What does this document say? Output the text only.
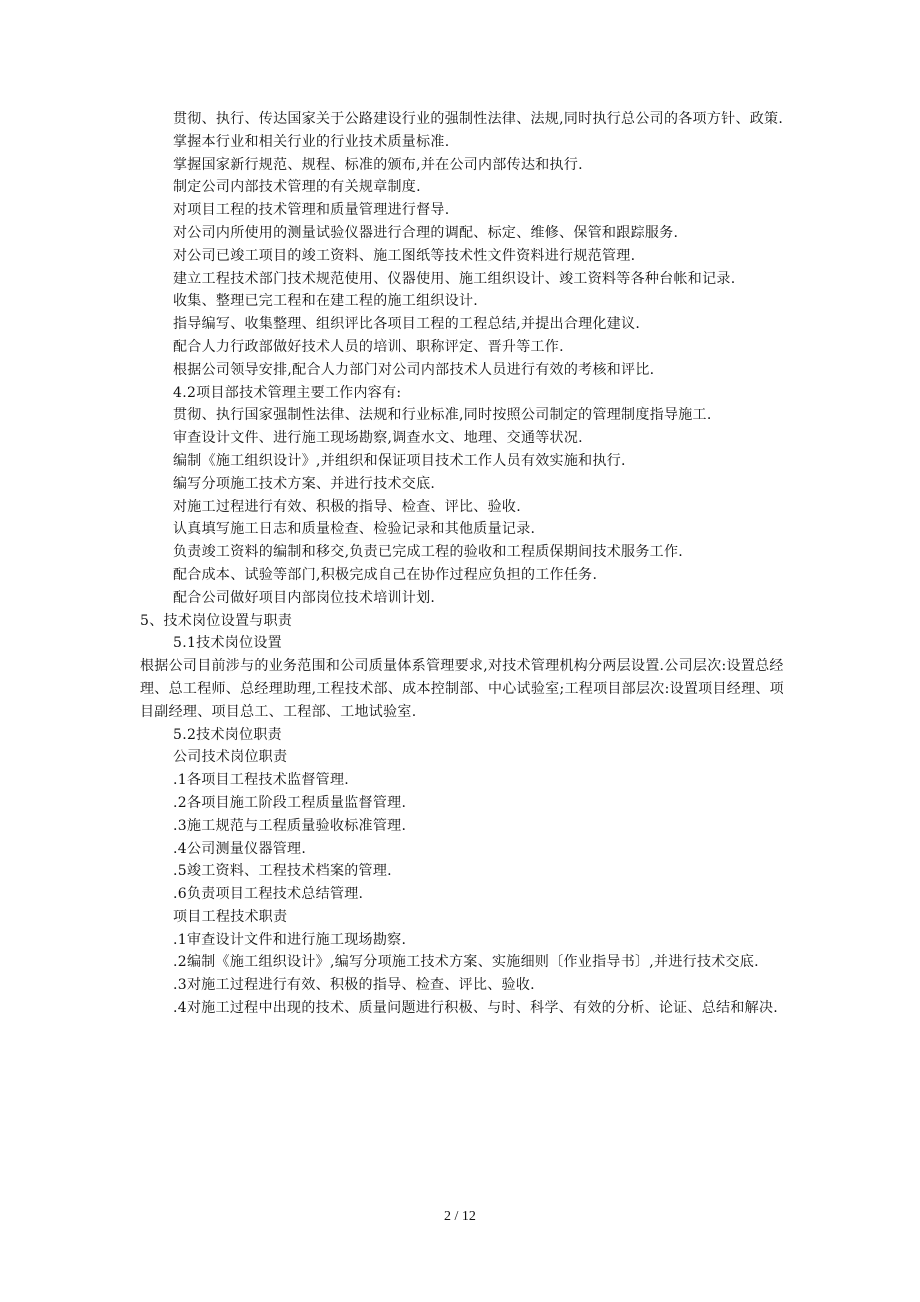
贯彻、执行、传达国家关于公路建设行业的强制性法律、法规,同时执行总公司的各项方针、政策.

掌握本行业和相关行业的行业技术质量标准.

掌握国家新行规范、规程、标准的颁布,并在公司内部传达和执行.

制定公司内部技术管理的有关规章制度.

对项目工程的技术管理和质量管理进行督导.

对公司内所使用的测量试验仪器进行合理的调配、标定、维修、保管和跟踪服务.

对公司已竣工项目的竣工资料、施工图纸等技术性文件资料进行规范管理.

建立工程技术部门技术规范使用、仪器使用、施工组织设计、竣工资料等各种台帐和记录.

收集、整理已完工程和在建工程的施工组织设计.

指导编写、收集整理、组织评比各项目工程的工程总结,并提出合理化建议.

配合人力行政部做好技术人员的培训、职称评定、晋升等工作.

根据公司领导安排,配合人力部门对公司内部技术人员进行有效的考核和评比.

4.2项目部技术管理主要工作内容有:

贯彻、执行国家强制性法律、法规和行业标准,同时按照公司制定的管理制度指导施工.

审查设计文件、进行施工现场勘察,调查水文、地理、交通等状况.

编制《施工组织设计》,并组织和保证项目技术工作人员有效实施和执行.

编写分项施工技术方案、并进行技术交底.

对施工过程进行有效、积极的指导、检查、评比、验收.

认真填写施工日志和质量检查、检验记录和其他质量记录.

负责竣工资料的编制和移交,负责已完成工程的验收和工程质保期间技术服务工作.

配合成本、试验等部门,积极完成自己在协作过程应负担的工作任务.

配合公司做好项目内部岗位技术培训计划.

5、技术岗位设置与职责

5.1技术岗位设置

根据公司目前涉与的业务范围和公司质量体系管理要求,对技术管理机构分两层设置.公司层次:设置总经理、总工程师、总经理助理,工程技术部、成本控制部、中心试验室;工程项目部层次:设置项目经理、项目副经理、项目总工、工程部、工地试验室.

5.2技术岗位职责

公司技术岗位职责

.1各项目工程技术监督管理.

.2各项目施工阶段工程质量监督管理.

.3施工规范与工程质量验收标准管理.

.4公司测量仪器管理.

.5竣工资料、工程技术档案的管理.

.6负责项目工程技术总结管理.

项目工程技术职责

.1审查设计文件和进行施工现场勘察.

.2编制《施工组织设计》,编写分项施工技术方案、实施细则〔作业指导书〕,并进行技术交底.

.3对施工过程进行有效、积极的指导、检查、评比、验收.

.4对施工过程中出现的技术、质量问题进行积极、与时、科学、有效的分析、论证、总结和解决.

2 / 12
